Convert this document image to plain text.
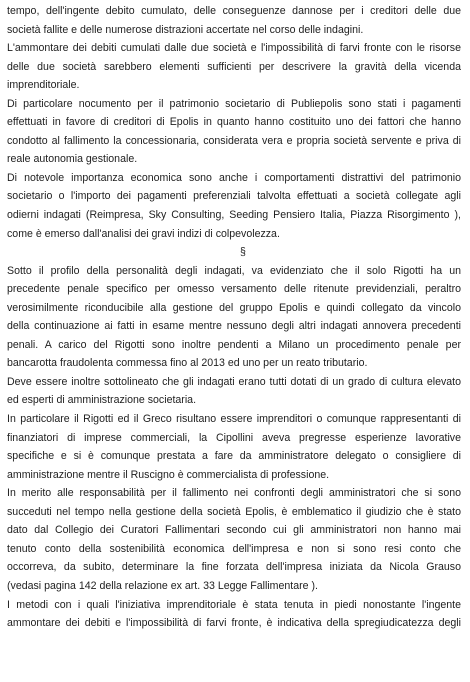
tempo, dell'ingente debito cumulato, delle conseguenze dannose per i creditori delle due
società fallite e delle numerose distrazioni accertate nel corso delle indagini.

L'ammontare dei debiti cumulati dalle due società e l'impossibilità di farvi fronte con le risorse
delle due società sarebbero elementi sufficienti per descrivere la gravità della vicenda
imprenditoriale.

Di particolare nocumento per il patrimonio societario di Publiepolis sono stati i pagamenti
effettuati in favore di creditori di Epolis in quanto hanno costituito uno dei fattori che hanno
condotto al fallimento la concessionaria, considerata vera e propria società servente e priva di
reale autonomia gestionale.

Di notevole importanza economica sono anche i comportamenti distrattivi del patrimonio
societario o l'importo dei pagamenti preferenziali talvolta effettuati a società collegate agli
odierni indagati (Reimpresa, Sky Consulting, Seeding Pensiero Italia, Piazza Risorgimento ),
come è emerso dall'analisi dei gravi indizi di colpevolezza.

§

Sotto il profilo della personalità degli indagati, va evidenziato che il solo Rigotti ha un
precedente penale specifico per omesso versamento delle ritenute previdenziali, peraltro
verosimilmente riconducibile alla gestione del gruppo Epolis e quindi collegato da vincolo
della continuazione ai fatti in esame mentre nessuno degli altri indagati annovera precedenti
penali. A carico del Rigotti sono inoltre pendenti a Milano un procedimento penale per
bancarotta fraudolenta commessa fino al 2013 ed uno per un reato tributario.

Deve essere inoltre sottolineato che gli indagati erano tutti dotati di un grado di cultura elevato
ed esperti di amministrazione societaria.

In particolare il Rigotti ed il Greco risultano essere imprenditori o comunque rappresentanti di
finanziatori di imprese commerciali, la Cipollini aveva pregresse esperienze lavorative
specifiche e si è comunque prestata a fare da amministratore delegato o consigliere di
amministrazione mentre il Ruscigno è commercialista di professione.

In merito alle responsabilità per il fallimento nei confronti degli amministratori che si sono
succeduti nel tempo nella gestione della società Epolis, è emblematico il giudizio che è stato
dato dal Collegio dei Curatori Fallimentari secondo cui gli amministratori non hanno mai
tenuto conto della sostenibilità economica dell'impresa e non si sono resi conto che
occorreva, da subito, determinare la fine forzata dell'impresa iniziata da Nicola Grauso
(vedasi pagina 142 della relazione ex art. 33 Legge Fallimentare ).

I metodi con i quali l'iniziativa imprenditoriale è stata tenuta in piedi nonostante l'ingente
ammontare dei debiti e l'impossibilità di farvi fronte, è indicativa della spregiudicatezza degli
